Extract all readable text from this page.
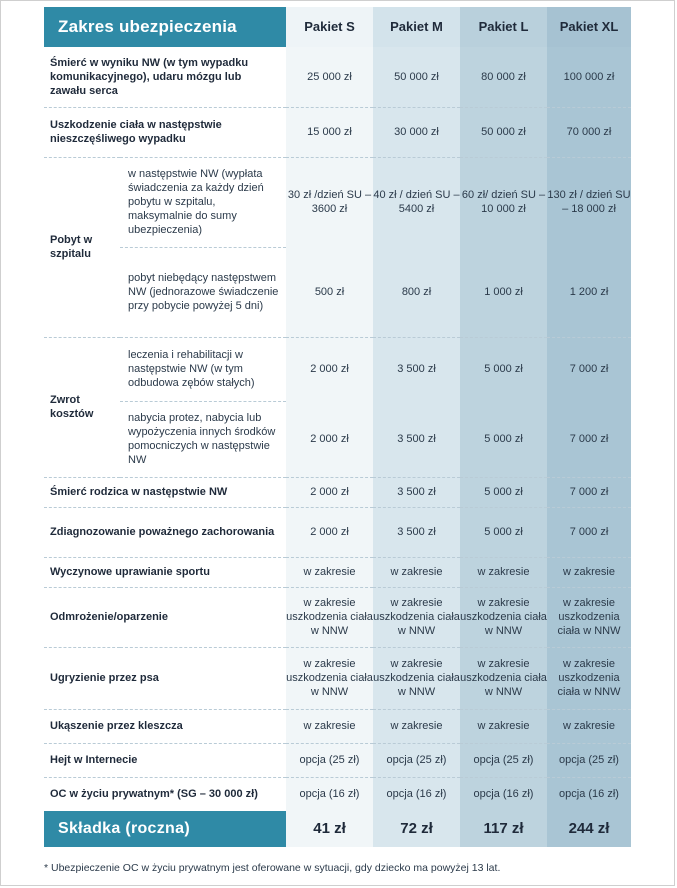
Zakres ubezpieczenia		Pakiet S	Pakiet M	Pakiet L	Pakiet XL
Śmierć w wyniku NW (w tym wypadku komunikacyjnego), udaru mózgu lub zawału serca		25 000 zł	50 000 zł	80 000 zł	100 000 zł
Uszkodzenie ciała w następstwie nieszczęśliwego wypadku		15 000 zł	30 000 zł	50 000 zł	70 000 zł
Pobyt w szpitalu	w następstwie NW (wypłata świadczenia za każdy dzień pobytu w szpitalu, maksymalnie do sumy ubezpieczenia)	30 zł /dzień SU – 3600 zł	40 zł / dzień SU – 5400 zł	60 zł/ dzień SU – 10 000 zł	130 zł / dzień SU – 18 000 zł
	pobyt niebędący następstwem NW (jednorazowe świadczenie przy pobycie powyżej 5 dni)	500 zł	800 zł	1 000 zł	1 200 zł
Zwrot kosztów	leczenia i rehabilitacji w następstwie NW (w tym odbudowa zębów stałych)	2 000 zł	3 500 zł	5 000 zł	7 000 zł
	nabycia protez, nabycia lub wypożyczenia innych środków pomocniczych w następstwie NW	2 000 zł	3 500 zł	5 000 zł	7 000 zł
Śmierć rodzica w następstwie NW		2 000 zł	3 500 zł	5 000 zł	7 000 zł
Zdiagnozowanie poważnego zachorowania		2 000 zł	3 500 zł	5 000 zł	7 000 zł
Wyczynowe uprawianie sportu		w zakresie	w zakresie	w zakresie	w zakresie
Odmrożenie/oparzenie		w zakresie uszkodzenia ciała w NNW	w zakresie uszkodzenia ciała w NNW	w zakresie uszkodzenia ciała w NNW	w zakresie uszkodzenia ciała w NNW
Ugryzienie przez psa		w zakresie uszkodzenia ciała w NNW	w zakresie uszkodzenia ciała w NNW	w zakresie uszkodzenia ciała w NNW	w zakresie uszkodzenia ciała w NNW
Ukąszenie przez kleszcza		w zakresie	w zakresie	w zakresie	w zakresie
Hejt w Internecie		opcja (25 zł)	opcja (25 zł)	opcja (25 zł)	opcja (25 zł)
OC w życiu prywatnym* (SG – 30 000 zł)		opcja (16 zł)	opcja (16 zł)	opcja (16 zł)	opcja (16 zł)
Składka (roczna)		41 zł	72 zł	117 zł	244 zł
* Ubezpieczenie OC w życiu prywatnym jest oferowane w sytuacji, gdy dziecko ma powyżej 13 lat.
